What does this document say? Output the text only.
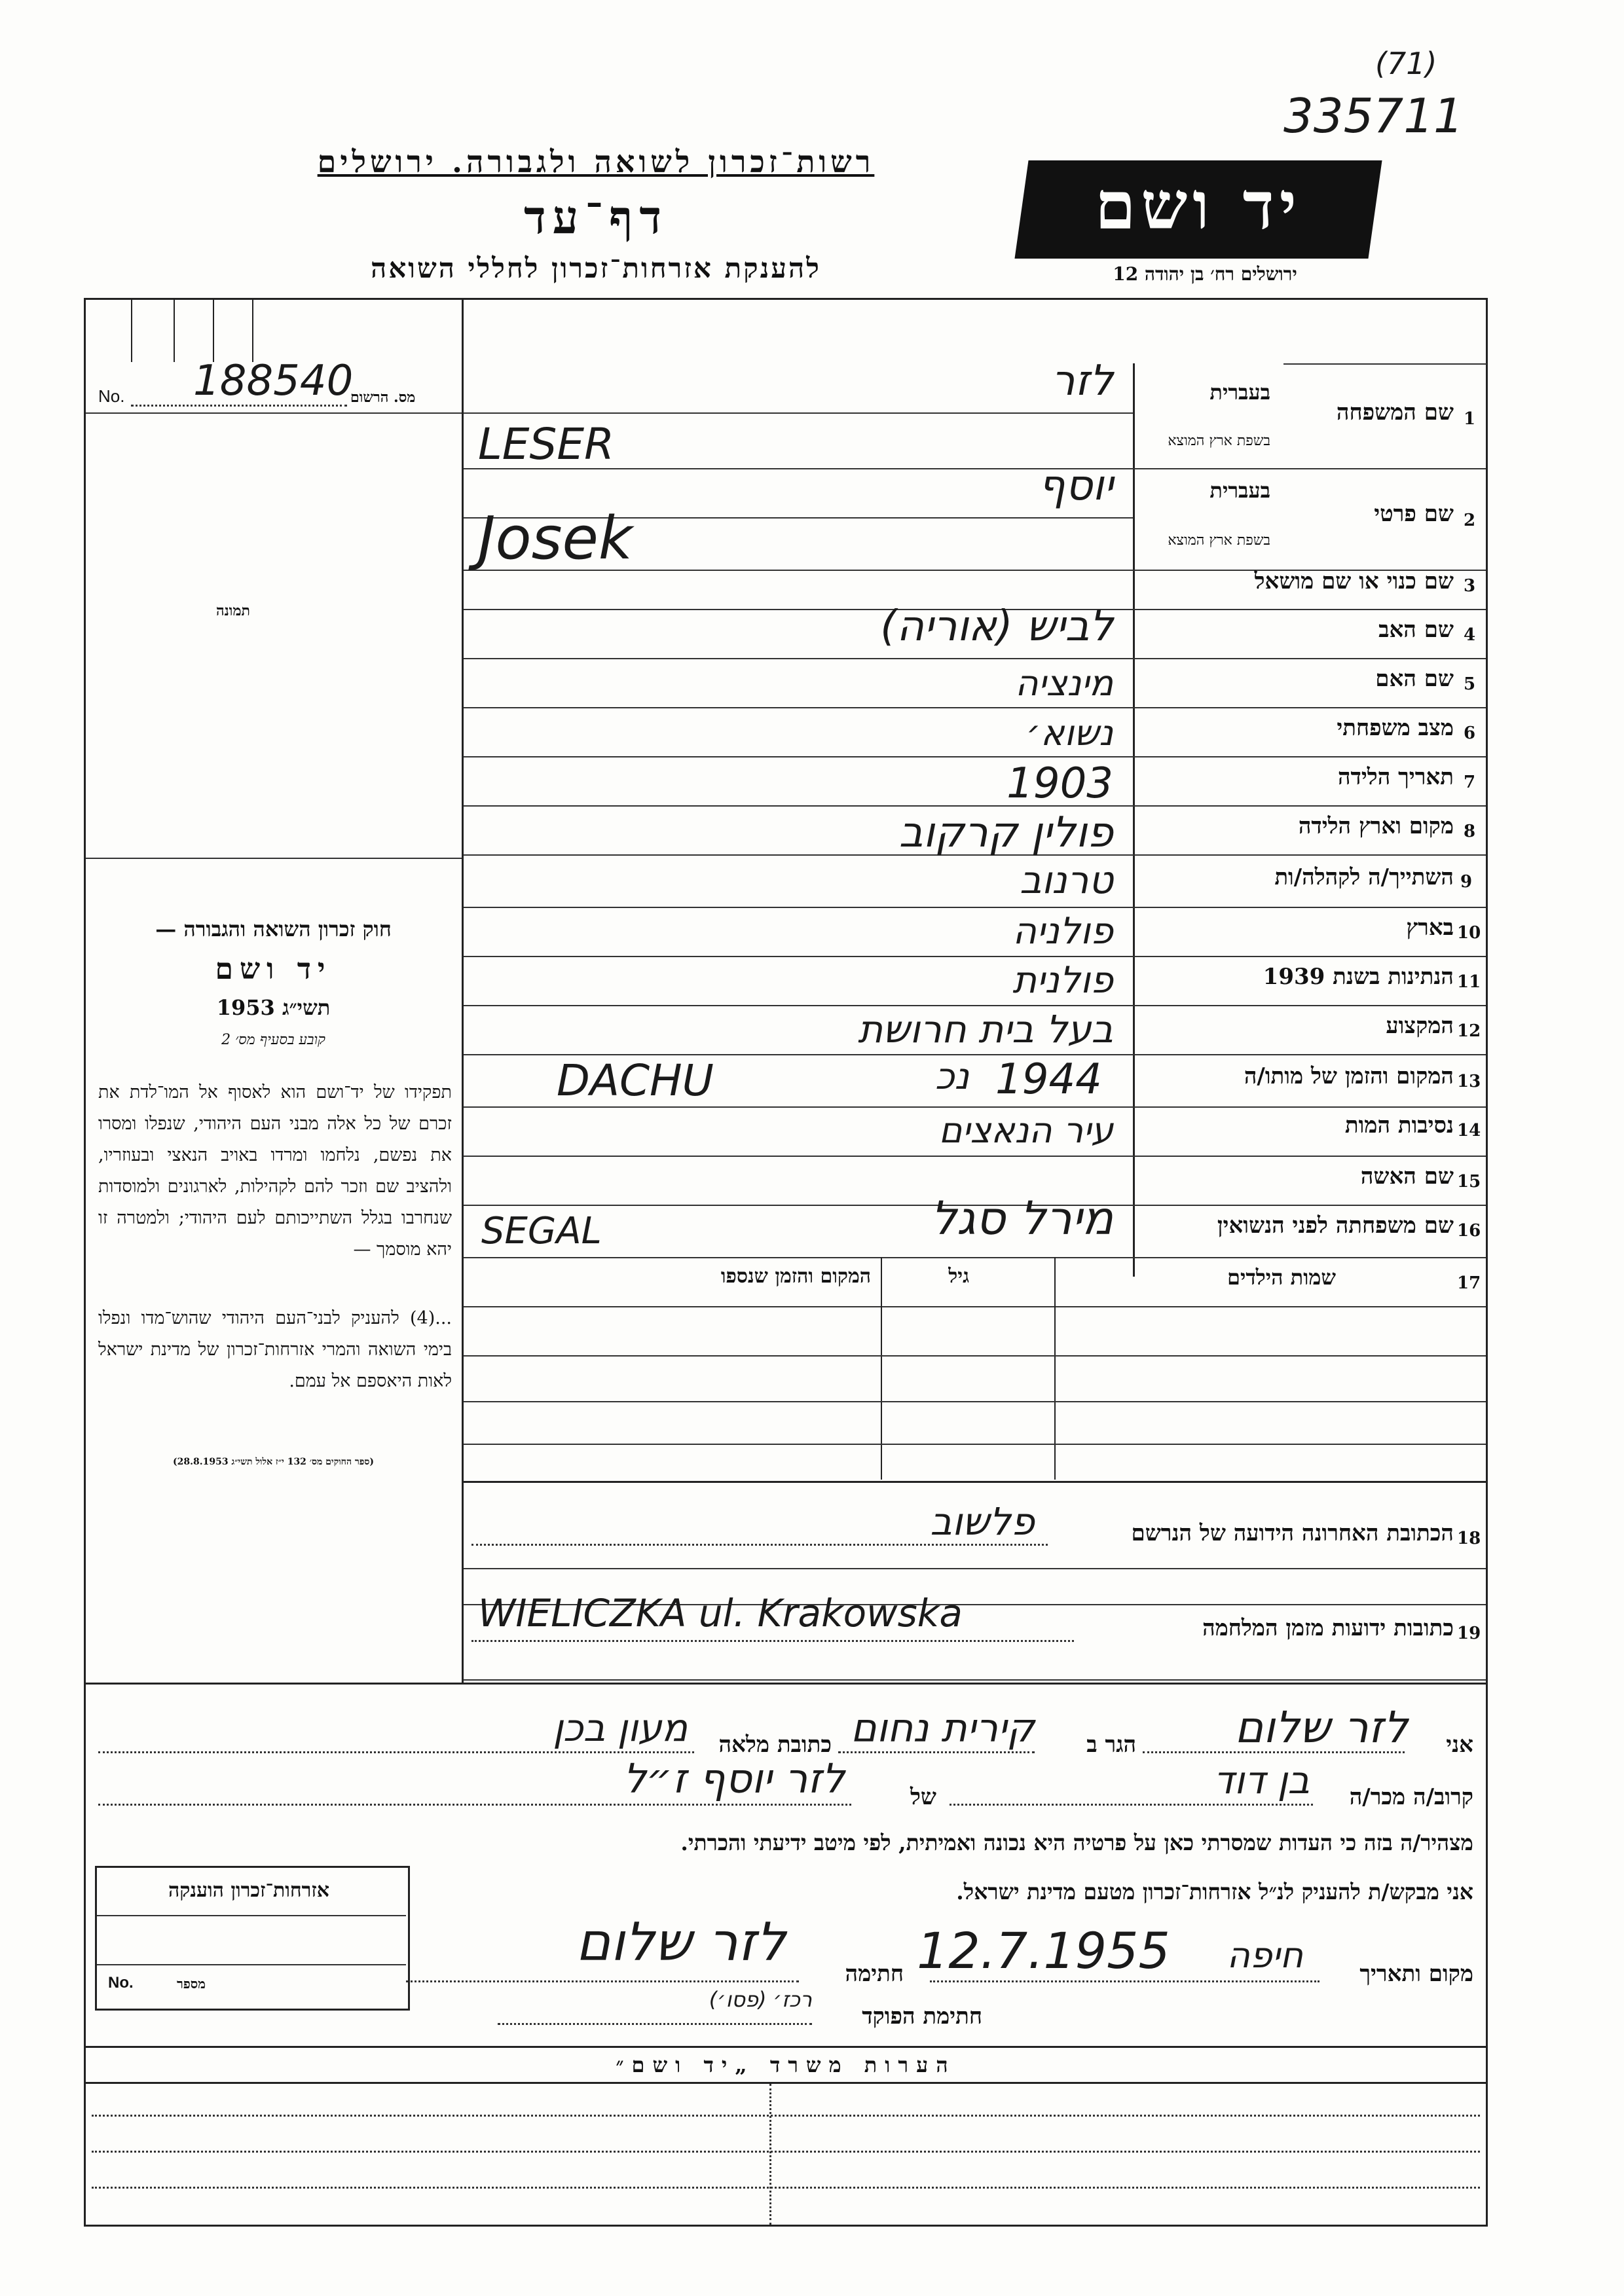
(71)
335711
רשות־זכרון לשואה ולגבורה. ירושלים
דף־עד
להענקת אזרחות־זכרון לחללי השואה
יד ושם
ירושלים רח׳ בן יהודה 12
No. 188540
מס. הרשום
תמונה
1
שם המשפחה
בעברית
בשפת ארץ המוצא
לזר
LESER
2
שם פרטי
בעברית
בשפת ארץ המוצא
יוסף
Josek
3
שם כנוי או שם מושאל
4
שם האב
לביש (אוריה)
5
שם האם
מינציה
6
מצב משפחתי
נשוא׳
7
תאריך הלידה
1903
8
מקום וארץ הלידה
פולין קרקוב
9
השתייך/ה לקהלה/ות
טרנוב
10
בארץ
פולניה
11
הנתינות בשנת 1939
פולנית
12
המקצוע
בעל בית חרושת
13
המקום והזמן של מותו/ה
DACHU	נכ 1944
14
נסיבות המות
עיר הנאצים
15
שם האשה
16
שם משפחתה לפני הנשואין
SEGAL	מירל סגל
17
שמות הילדים
גיל
המקום והזמן שנספו
18
הכתובת האחרונה הידועה של הנרשם
פלשוב
19
כתובות ידועות מזמן המלחמה
WIELICZKA ul. Krakowska
חוק זכרון השואה והגבורה —
יד ושם
תשי״ג 1953
קובע בסעיף מס׳ 2
תפקידו של יד־ושם הוא לאסוף אל המו־לדת את זכרם של כל אלה מבני העם היהודי, שנפלו ומסרו את נפשם, נלחמו ומרדו באויב הנאצי ובעוזריו, ולהציב שם וזכר להם לקהילות, לארגונים ולמוסדות שנחרבו בגלל השתייכותם לעם היהודי; ולמטרה זו יהא מוסמך —
...(4) להעניק לבני־העם היהודי שהוש־מדו ונפלו בימי השואה והמרי אזרחות־זכרון של מדינת ישראל לאות היאספם אל עמם.
(ספר החוקים מס׳ 132 י״ז אלול תשי״ג 28.8.1953)
אני
לזר שלום
הגר ב
קירית נחום
כתובת מלאה
מעון בכן
קרוב/ה מכר/ה
בן דוד
של
לזר יוסף ז״ל
מצהיר/ה בזה כי העדות שמסרתי כאן על פרטיה היא נכונה ואמיתית, לפי מיטב ידיעתי והכרתי.
אני מבקש/ת להעניק לנ״ל אזרחות־זכרון מטעם מדינת ישראל.
מקום ותאריך
חיפה
12.7.1955
חתימה
לזר שלום
חתימת הפוקד
רכז׳ (פסו׳)
אזרחות־זכרון הוענקה
No.	מספר
הערות משרד „יד ושם״
